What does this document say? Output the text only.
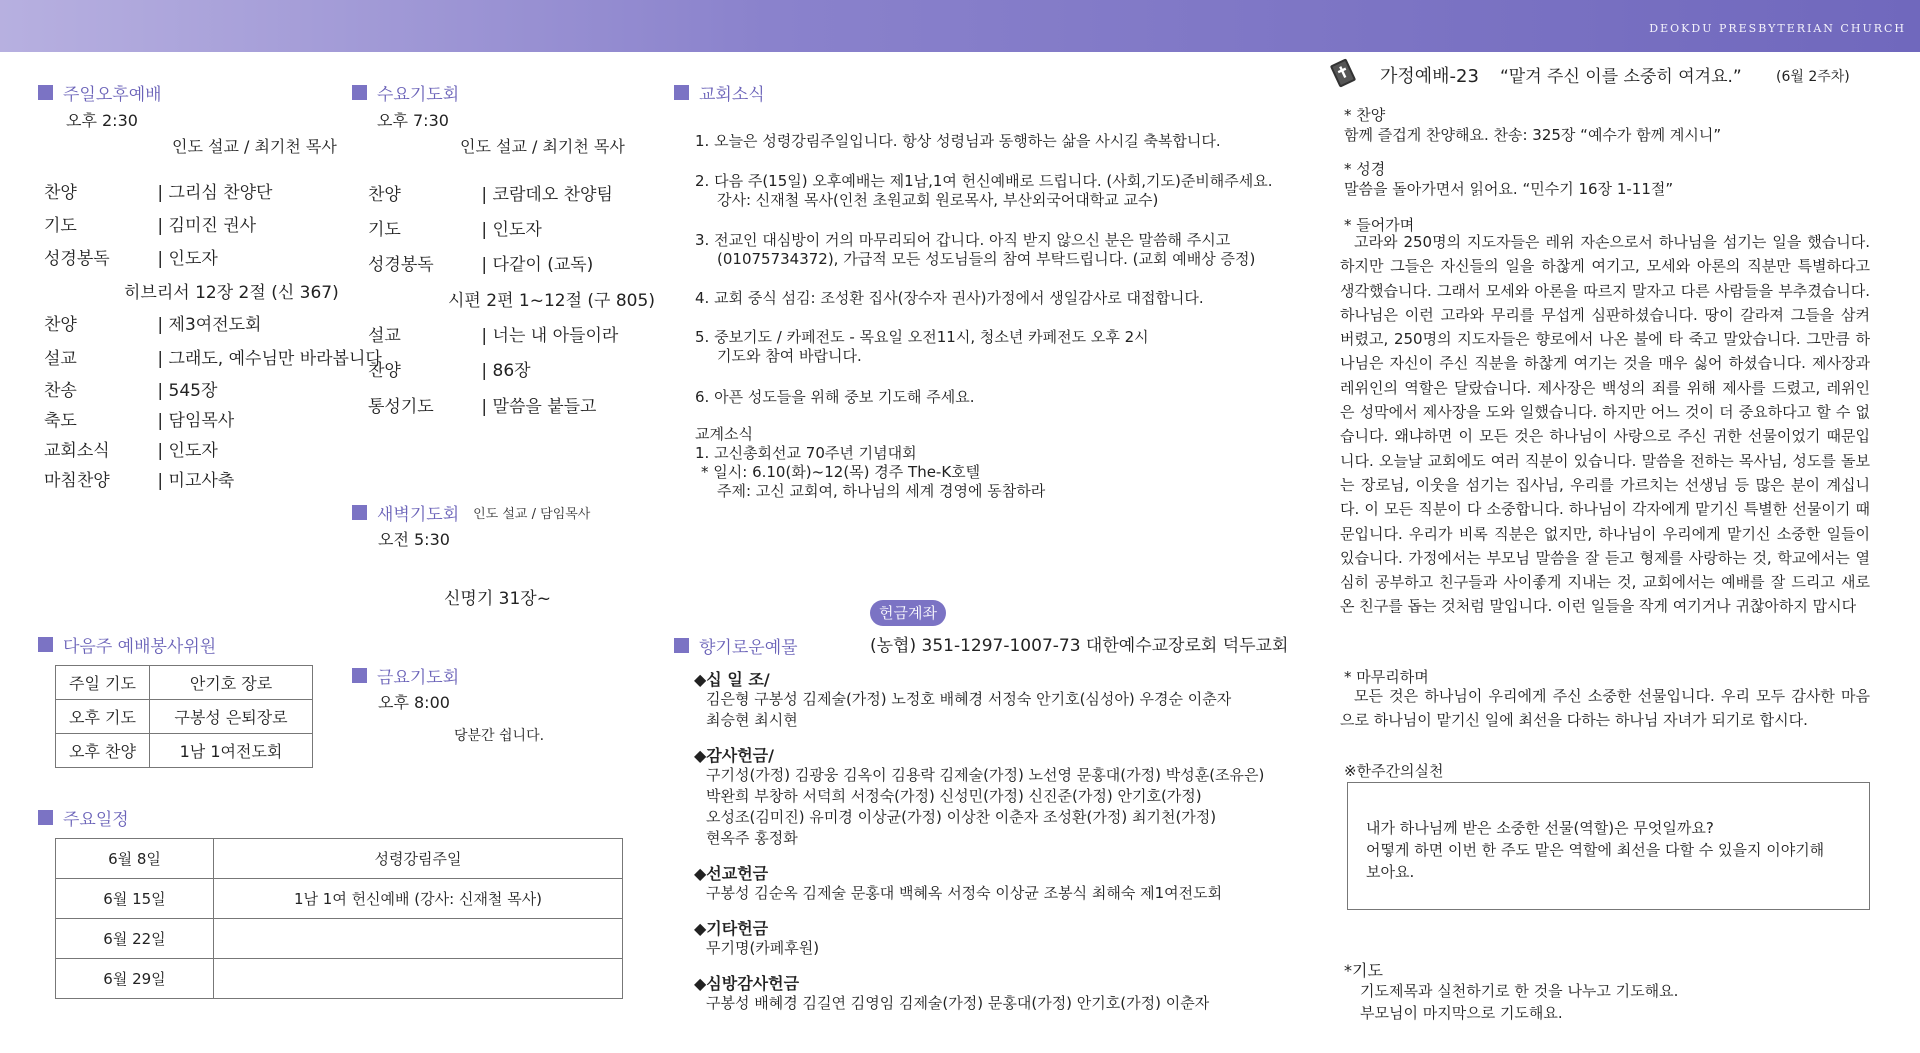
DEOKDU PRESBYTERIAN CHURCH
주일오후예배
오후 2:30
인도 설교 / 최기천 목사
찬양	| 그리심 찬양단
기도	| 김미진 권사
성경봉독 | 인도자
히브리서 12장 2절 (신 367)
찬양	| 제3여전도회
설교	| 그래도, 예수님만 바라봅니다
찬송	| 545장
축도	| 담임목사
교회소식 | 인도자
마침찬양 | 미고사축
수요기도회
오후 7:30
인도 설교 / 최기천 목사
찬양	| 코람데오 찬양팀
기도	| 인도자
성경봉독 | 다같이 (교독)
시편 2편 1~12절 (구 805)
설교	| 너는 내 아들이라
찬양	| 86장
통성기도 | 말씀을 붙들고
새벽기도회 인도 설교 / 담임목사
오전 5:30
신명기 31장~
금요기도회
오후 8:00
당분간 쉽니다.
다음주 예배봉사위원
주일 기도	안기호 장로
오후 기도	구봉성 은퇴장로
오후 찬양	1남 1여전도회
주요일정
6월 8일	성령강림주일
6월 15일	1남 1여 헌신예배 (강사: 신재철 목사)
6월 22일	
6월 29일	
교회소식
1. 오늘은 성령강림주일입니다. 항상 성령님과 동행하는 삶을 사시길 축복합니다.
2. 다음 주(15일) 오후예배는 제1남,1여 헌신예배로 드립니다. (사회,기도)준비해주세요.
강사: 신재철 목사(인천 초원교회 원로목사, 부산외국어대학교 교수)
3. 전교인 대심방이 거의 마무리되어 갑니다. 아직 받지 않으신 분은 말씀해 주시고
(01075734372), 가급적 모든 성도님들의 참여 부탁드립니다. (교회 예배상 증정)
4. 교회 중식 섬김: 조성환 집사(장수자 권사)가정에서 생일감사로 대접합니다.
5. 중보기도 / 카페전도 - 목요일 오전11시, 청소년 카페전도 오후 2시
기도와 참여 바랍니다.
6. 아픈 성도들을 위해 중보 기도해 주세요.
교계소식
1. 고신총회선교 70주년 기념대회
* 일시: 6.10(화)~12(목) 경주 The-K호텔
주제: 고신 교회여, 하나님의 세계 경영에 동참하라
헌금계좌
(농협) 351-1297-1007-73 대한예수교장로회 덕두교회
향기로운예물
◆십 일 조/
김은형 구봉성 김제술(가정) 노정호 배혜경 서정숙 안기호(심성아) 우경순 이춘자
최승현 최시현
◆감사헌금/
구기성(가정) 김광웅 김옥이 김용락 김제술(가정) 노선영 문홍대(가정) 박성훈(조유은)
박완희 부창하 서덕희 서정숙(가정) 신성민(가정) 신진준(가정) 안기호(가정)
오성조(김미진) 유미경 이상균(가정) 이상찬 이춘자 조성환(가정) 최기천(가정)
현옥주 홍정화
◆선교헌금
구봉성 김순옥 김제술 문홍대 백혜옥 서정숙 이상균 조봉식 최해숙 제1여전도회
◆기타헌금
무기명(카페후원)
◆심방감사헌금
구봉성 배혜경 김길연 김영임 김제술(가정) 문홍대(가정) 안기호(가정) 이춘자
가정예배-23 “맡겨 주신 이를 소중히 여겨요.” (6월 2주차)
* 찬양
함께 즐겁게 찬양해요. 찬송: 325장 “예수가 함께 계시니”
* 성경
말씀을 돌아가면서 읽어요. “민수기 16장 1-11절”
* 들어가며
고라와 250명의 지도자들은 레위 자손으로서 하나님을 섬기는 일을 했습니다. 하지만 그들은 자신들의 일을 하찮게 여기고, 모세와 아론의 직분만 특별하다고 생각했습니다. 그래서 모세와 아론을 따르지 말자고 다른 사람들을 부추겼습니다. 하나님은 이런 고라와 무리를 무섭게 심판하셨습니다. 땅이 갈라져 그들을 삼켜 버렸고, 250명의 지도자들은 향로에서 나온 불에 타 죽고 말았습니다. 그만큼 하나님은 자신이 주신 직분을 하찮게 여기는 것을 매우 싫어 하셨습니다. 제사장과 레위인의 역할은 달랐습니다. 제사장은 백성의 죄를 위해 제사를 드렸고, 레위인은 성막에서 제사장을 도와 일했습니다. 하지만 어느 것이 더 중요하다고 할 수 없습니다. 왜냐하면 이 모든 것은 하나님이 사랑으로 주신 귀한 선물이었기 때문입니다. 오늘날 교회에도 여러 직분이 있습니다. 말씀을 전하는 목사님, 성도를 돌보는 장로님, 이웃을 섬기는 집사님, 우리를 가르치는 선생님 등 많은 분이 계십니다. 이 모든 직분이 다 소중합니다. 하나님이 각자에게 맡기신 특별한 선물이기 때문입니다. 우리가 비록 직분은 없지만, 하나님이 우리에게 맡기신 소중한 일들이 있습니다. 가정에서는 부모님 말씀을 잘 듣고 형제를 사랑하는 것, 학교에서는 열심히 공부하고 친구들과 사이좋게 지내는 것, 교회에서는 예배를 잘 드리고 새로 온 친구를 돕는 것처럼 말입니다. 이런 일들을 작게 여기거나 귀찮아하지 맙시다
* 마무리하며
모든 것은 하나님이 우리에게 주신 소중한 선물입니다. 우리 모두 감사한 마음으로 하나님이 맡기신 일에 최선을 다하는 하나님 자녀가 되기로 합시다.
※한주간의실천
내가 하나님께 받은 소중한 선물(역할)은 무엇일까요?
어떻게 하면 이번 한 주도 맡은 역할에 최선을 다할 수 있을지 이야기해
보아요.
*기도
기도제목과 실천하기로 한 것을 나누고 기도해요.
부모님이 마지막으로 기도해요.
